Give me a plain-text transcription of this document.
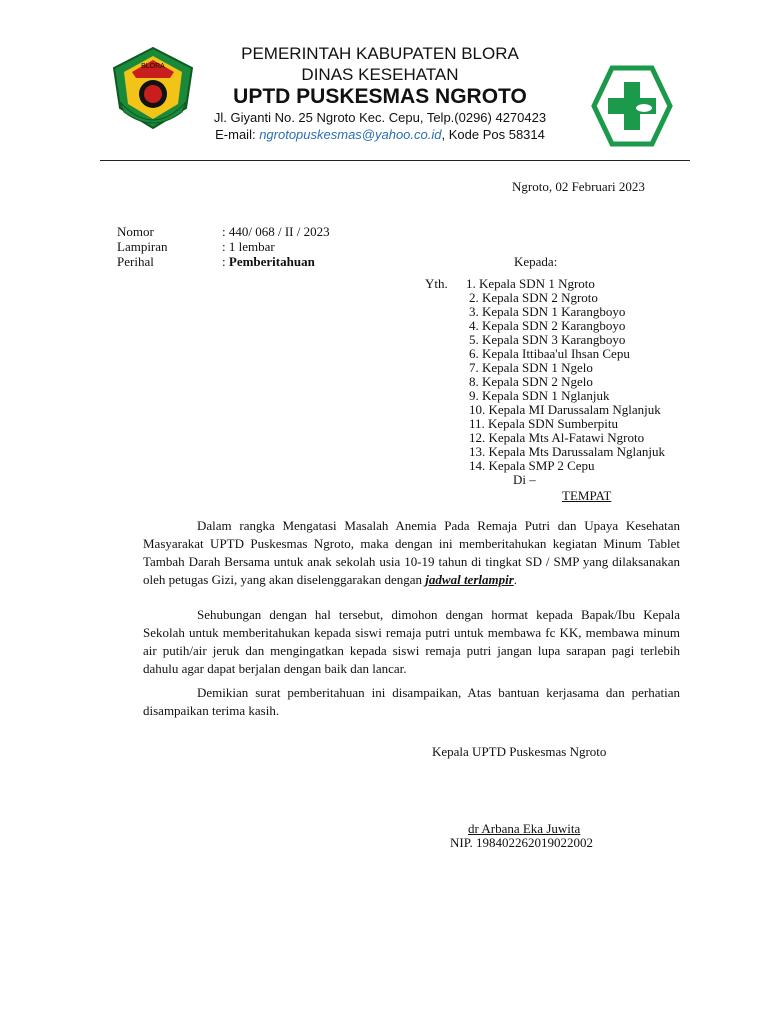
BLORA
PEMERINTAH KABUPATEN BLORA
DINAS KESEHATAN
UPTD PUSKESMAS NGROTO
Jl. Giyanti No. 25 Ngroto Kec. Cepu, Telp.(0296) 4270423
E-mail: ngrotopuskesmas@yahoo.co.id, Kode Pos 58314
Ngroto, 02 Februari 2023
Nomor	: 440/ 068 / II / 2023
Lampiran	: 1 lembar
Perihal	: Pemberitahuan	Kepada:
Yth. 1. Kepala SDN 1 Ngroto
2. Kepala SDN 2 Ngroto
3. Kepala SDN 1 Karangboyo
4. Kepala SDN 2 Karangboyo
5. Kepala SDN 3 Karangboyo
6. Kepala Ittibaa'ul Ihsan Cepu
7. Kepala SDN 1 Ngelo
8. Kepala SDN 2 Ngelo
9. Kepala SDN 1 Nglanjuk
10. Kepala MI Darussalam Nglanjuk
11. Kepala SDN Sumberpitu
12. Kepala Mts Al-Fatawi Ngroto
13. Kepala Mts Darussalam Nglanjuk
14. Kepala SMP 2 Cepu
Di –
TEMPAT

Dalam rangka Mengatasi Masalah Anemia Pada Remaja Putri dan Upaya Kesehatan Masyarakat UPTD Puskesmas Ngroto, maka dengan ini memberitahukan kegiatan Minum Tablet Tambah Darah Bersama untuk anak sekolah usia 10-19 tahun di tingkat SD / SMP yang dilaksanakan oleh petugas Gizi, yang akan diselenggarakan dengan jadwal terlampir.

Sehubungan dengan hal tersebut, dimohon dengan hormat kepada Bapak/Ibu Kepala Sekolah untuk memberitahukan kepada siswi remaja putri untuk membawa fc KK, membawa minum air putih/air jeruk dan mengingatkan kepada siswi remaja putri jangan lupa sarapan pagi terlebih dahulu agar dapat berjalan dengan baik dan lancar.

Demikian surat pemberitahuan ini disampaikan, Atas bantuan kerjasama dan perhatian disampaikan terima kasih.

Kepala UPTD Puskesmas Ngroto
dr Arbana Eka Juwita
NIP. 198402262019022002
